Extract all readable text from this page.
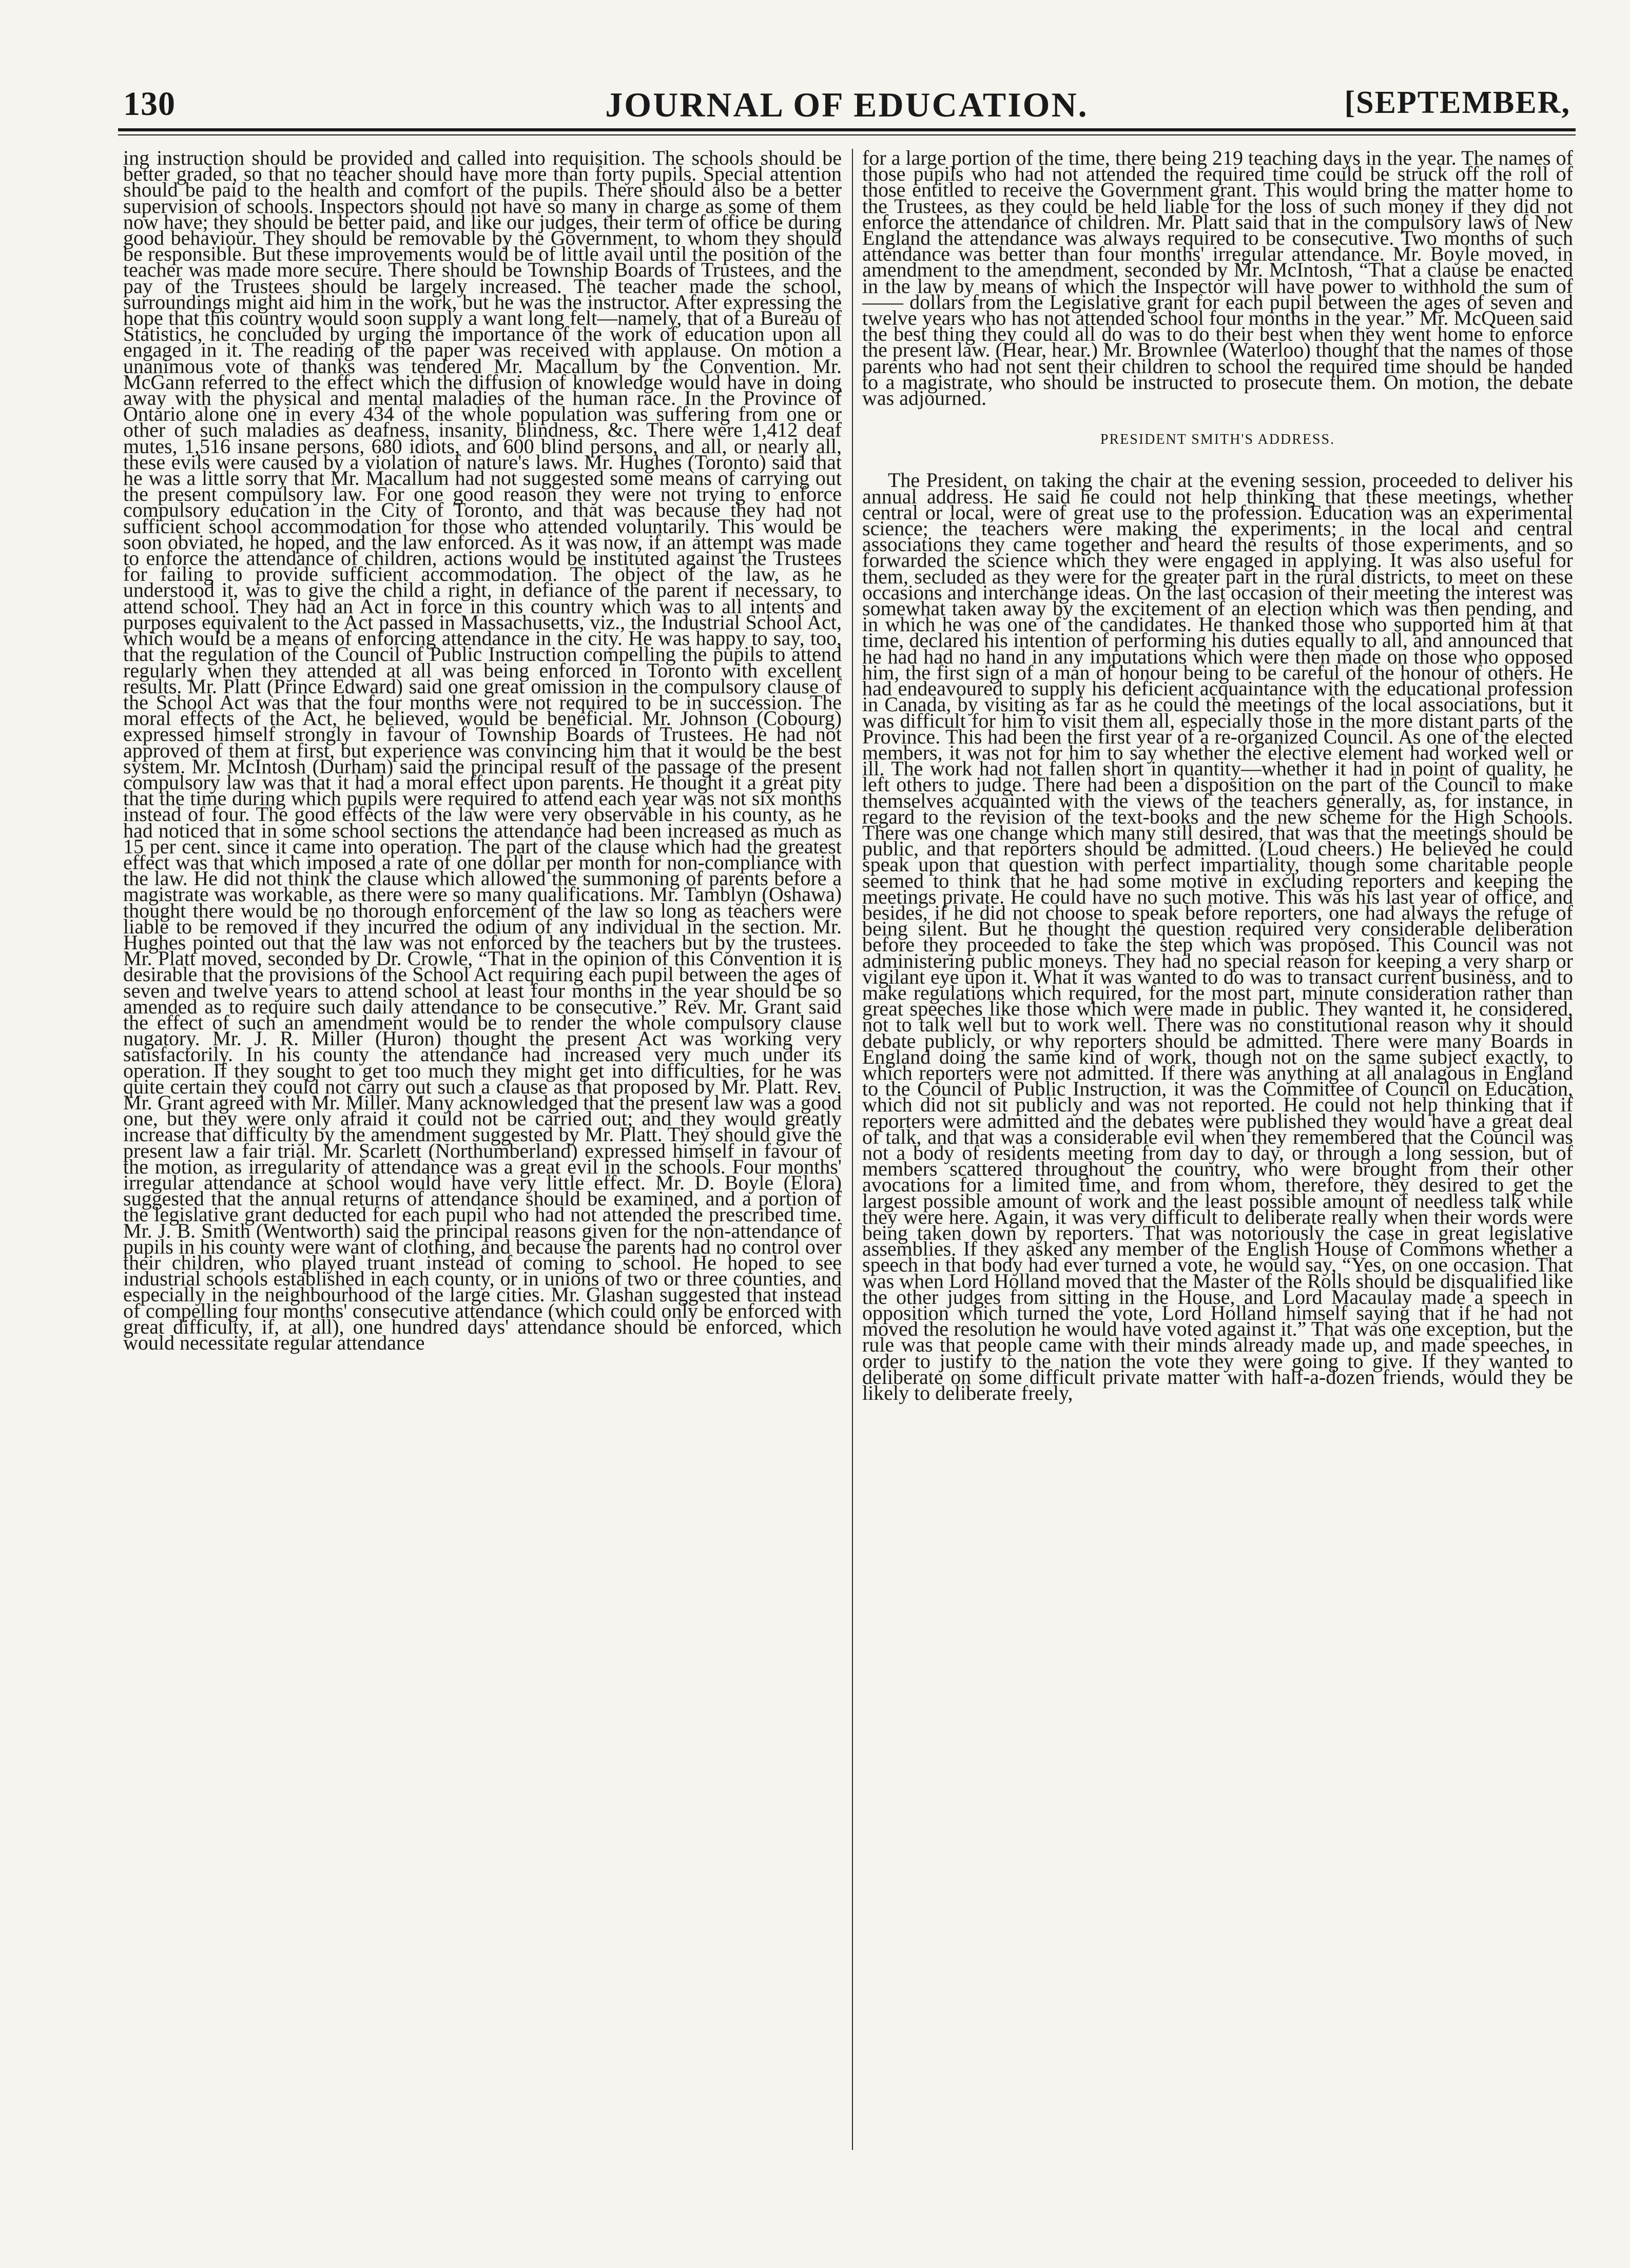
130	JOURNAL OF EDUCATION.	[SEPTEMBER,

ing instruction should be provided and called into requisition. The schools should be better graded, so that no teacher should have more than forty pupils. Special attention should be paid to the health and comfort of the pupils. There should also be a better supervision of schools. Inspectors should not have so many in charge as some of them now have; they should be better paid, and like our judges, their term of office be during good behaviour. They should be removable by the Government, to whom they should be responsible. But these improvements would be of little avail until the position of the teacher was made more secure. There should be Township Boards of Trustees, and the pay of the Trustees should be largely increased. The teacher made the school, surroundings might aid him in the work, but he was the instructor. After expressing the hope that this country would soon supply a want long felt—namely, that of a Bureau of Statistics, he concluded by urging the importance of the work of education upon all engaged in it. The reading of the paper was received with applause. On motion a unanimous vote of thanks was tendered Mr. Macallum by the Convention. Mr. McGann referred to the effect which the diffusion of knowledge would have in doing away with the physical and mental maladies of the human race. In the Province of Ontario alone one in every 434 of the whole population was suffering from one or other of such maladies as deafness, insanity, blindness, &c. There were 1,412 deaf mutes, 1,516 insane persons, 680 idiots, and 600 blind persons, and all, or nearly all, these evils were caused by a violation of nature's laws. Mr. Hughes (Toronto) said that he was a little sorry that Mr. Macallum had not suggested some means of carrying out the present compulsory law. For one good reason they were not trying to enforce compulsory education in the City of Toronto, and that was because they had not sufficient school accommodation for those who attended voluntarily. This would be soon obviated, he hoped, and the law enforced. As it was now, if an attempt was made to enforce the attendance of children, actions would be instituted against the Trustees for failing to provide sufficient accommodation. The object of the law, as he understood it, was to give the child a right, in defiance of the parent if necessary, to attend school. They had an Act in force in this country which was to all intents and purposes equivalent to the Act passed in Massachusetts, viz., the Industrial School Act, which would be a means of enforcing attendance in the city. He was happy to say, too, that the regulation of the Council of Public Instruction compelling the pupils to attend regularly when they attended at all was being enforced in Toronto with excellent results. Mr. Platt (Prince Edward) said one great omission in the compulsory clause of the School Act was that the four months were not required to be in succession. The moral effects of the Act, he believed, would be beneficial. Mr. Johnson (Cobourg) expressed himself strongly in favour of Township Boards of Trustees. He had not approved of them at first, but experience was convincing him that it would be the best system. Mr. McIntosh (Durham) said the principal result of the passage of the present compulsory law was that it had a moral effect upon parents. He thought it a great pity that the time during which pupils were required to attend each year was not six months instead of four. The good effects of the law were very observable in his county, as he had noticed that in some school sections the attendance had been increased as much as 15 per cent. since it came into operation. The part of the clause which had the greatest effect was that which imposed a rate of one dollar per month for non-compliance with the law. He did not think the clause which allowed the summoning of parents before a magistrate was workable, as there were so many qualifications. Mr. Tamblyn (Oshawa) thought there would be no thorough enforcement of the law so long as teachers were liable to be removed if they incurred the odium of any individual in the section. Mr. Hughes pointed out that the law was not enforced by the teachers but by the trustees. Mr. Platt moved, seconded by Dr. Crowle, “That in the opinion of this Convention it is desirable that the provisions of the School Act requiring each pupil between the ages of seven and twelve years to attend school at least four months in the year should be so amended as to require such daily attendance to be consecutive.” Rev. Mr. Grant said the effect of such an amendment would be to render the whole compulsory clause nugatory. Mr. J. R. Miller (Huron) thought the present Act was working very satisfactorily. In his county the attendance had increased very much under its operation. If they sought to get too much they might get into difficulties, for he was quite certain they could not carry out such a clause as that proposed by Mr. Platt. Rev. Mr. Grant agreed with Mr. Miller. Many acknowledged that the present law was a good one, but they were only afraid it could not be carried out; and they would greatly increase that difficulty by the amendment suggested by Mr. Platt. They should give the present law a fair trial. Mr. Scarlett (Northumberland) expressed himself in favour of the motion, as irregularity of attendance was a great evil in the schools. Four months' irregular attendance at school would have very little effect. Mr. D. Boyle (Elora) suggested that the annual returns of attendance should be examined, and a portion of the legislative grant deducted for each pupil who had not attended the prescribed time. Mr. J. B. Smith (Wentworth) said the principal reasons given for the non-attendance of pupils in his county were want of clothing, and because the parents had no control over their children, who played truant instead of coming to school. He hoped to see industrial schools established in each county, or in unions of two or three counties, and especially in the neighbourhood of the large cities. Mr. Glashan suggested that instead of compelling four months' consecutive attendance (which could only be enforced with great difficulty, if, at all), one hundred days' attendance should be enforced, which would necessitate regular attendance

for a large portion of the time, there being 219 teaching days in the year. The names of those pupils who had not attended the required time could be struck off the roll of those entitled to receive the Government grant. This would bring the matter home to the Trustees, as they could be held liable for the loss of such money if they did not enforce the attendance of children. Mr. Platt said that in the compulsory laws of New England the attendance was always required to be consecutive. Two months of such attendance was better than four months' irregular attendance. Mr. Boyle moved, in amendment to the amendment, seconded by Mr. McIntosh, “That a clause be enacted in the law by means of which the Inspector will have power to withhold the sum of—— dollars from the Legislative grant for each pupil between the ages of seven and twelve years who has not attended school four months in the year.” Mr. McQueen said the best thing they could all do was to do their best when they went home to enforce the present law. (Hear, hear.) Mr. Brownlee (Waterloo) thought that the names of those parents who had not sent their children to school the required time should be handed to a magistrate, who should be instructed to prosecute them. On motion, the debate was adjourned.

PRESIDENT SMITH'S ADDRESS.

The President, on taking the chair at the evening session, proceeded to deliver his annual address. He said he could not help thinking that these meetings, whether central or local, were of great use to the profession. Education was an experimental science; the teachers were making the experiments; in the local and central associations they came together and heard the results of those experiments, and so forwarded the science which they were engaged in applying. It was also useful for them, secluded as they were for the greater part in the rural districts, to meet on these occasions and interchange ideas. On the last occasion of their meeting the interest was somewhat taken away by the excitement of an election which was then pending, and in which he was one of the candidates. He thanked those who supported him at that time, declared his intention of performing his duties equally to all, and announced that he had had no hand in any imputations which were then made on those who opposed him, the first sign of a man of honour being to be careful of the honour of others. He had endeavoured to supply his deficient acquaintance with the educational profession in Canada, by visiting as far as he could the meetings of the local associations, but it was difficult for him to visit them all, especially those in the more distant parts of the Province. This had been the first year of a re-organized Council. As one of the elected members, it was not for him to say whether the elective element had worked well or ill. The work had not fallen short in quantity—whether it had in point of quality, he left others to judge. There had been a disposition on the part of the Council to make themselves acquainted with the views of the teachers generally, as, for instance, in regard to the revision of the text-books and the new scheme for the High Schools. There was one change which many still desired, that was that the meetings should be public, and that reporters should be admitted. (Loud cheers.) He believed he could speak upon that question with perfect impartiality, though some charitable people seemed to think that he had some motive in excluding reporters and keeping the meetings private. He could have no such motive. This was his last year of office, and besides, if he did not choose to speak before reporters, one had always the refuge of being silent. But he thought the question required very considerable deliberation before they proceeded to take the step which was proposed. This Council was not administering public moneys. They had no special reason for keeping a very sharp or vigilant eye upon it. What it was wanted to do was to transact current business, and to make regulations which required, for the most part, minute consideration rather than great speeches like those which were made in public. They wanted it, he considered, not to talk well but to work well. There was no constitutional reason why it should debate publicly, or why reporters should be admitted. There were many Boards in England doing the same kind of work, though not on the same subject exactly, to which reporters were not admitted. If there was anything at all analagous in England to the Council of Public Instruction, it was the Committee of Council on Education, which did not sit publicly and was not reported. He could not help thinking that if reporters were admitted and the debates were published they would have a great deal of talk, and that was a considerable evil when they remembered that the Council was not a body of residents meeting from day to day, or through a long session, but of members scattered throughout the country, who were brought from their other avocations for a limited time, and from whom, therefore, they desired to get the largest possible amount of work and the least possible amount of needless talk while they were here. Again, it was very difficult to deliberate really when their words were being taken down by reporters. That was notoriously the case in great legislative assemblies. If they asked any member of the English House of Commons whether a speech in that body had ever turned a vote, he would say, “Yes, on one occasion. That was when Lord Holland moved that the Master of the Rolls should be disqualified like the other judges from sitting in the House, and Lord Macaulay made a speech in opposition which turned the vote, Lord Holland himself saying that if he had not moved the resolution he would have voted against it.” That was one exception, but the rule was that people came with their minds already made up, and made speeches, in order to justify to the nation the vote they were going to give. If they wanted to deliberate on some difficult private matter with half-a-dozen friends, would they be likely to deliberate freely,
